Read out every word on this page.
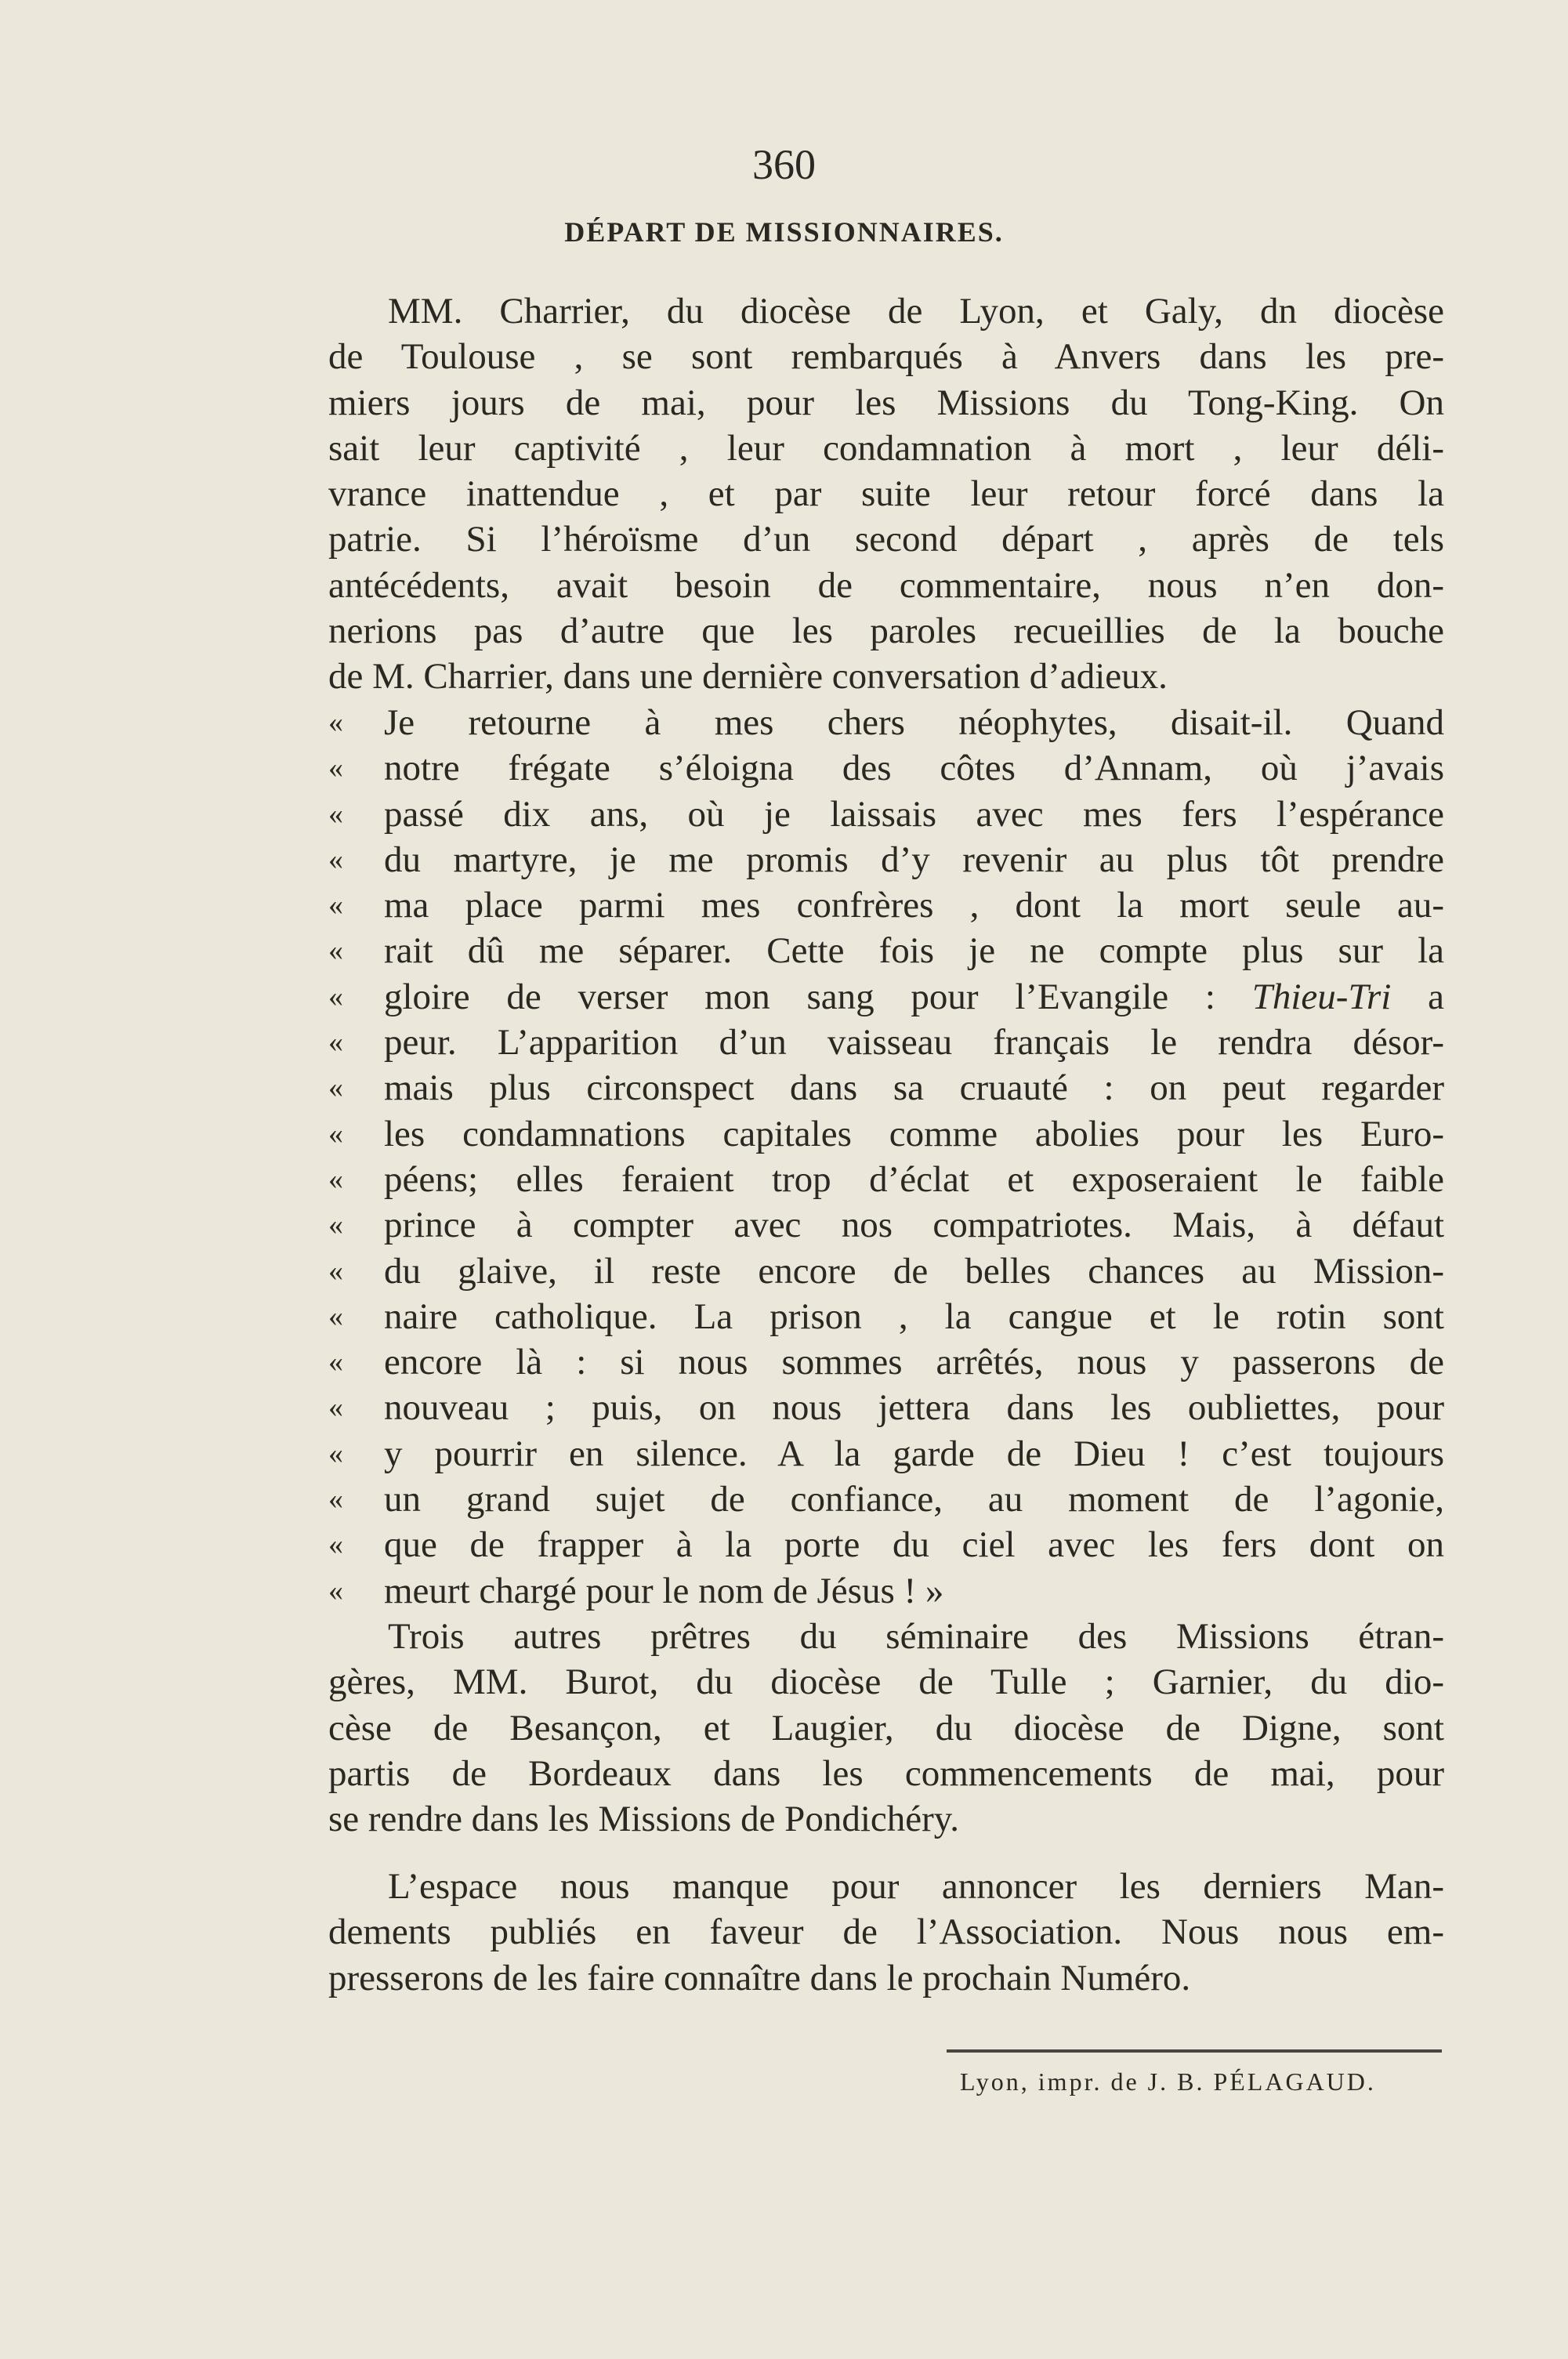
360
DÉPART DE MISSIONNAIRES.
MM. Charrier, du diocèse de Lyon, et Galy, dn diocèse
de Toulouse , se sont rembarqués à Anvers dans les pre-
miers jours de mai, pour les Missions du Tong-King. On
sait leur captivité , leur condamnation à mort , leur déli-
vrance inattendue , et par suite leur retour forcé dans la
patrie. Si l’héroïsme d’un second départ , après de tels
antécédents, avait besoin de commentaire, nous n’en don-
nerions pas d’autre que les paroles recueillies de la bouche
de M. Charrier, dans une dernière conversation d’adieux.
«	Je retourne à mes chers néophytes, disait-il. Quand
«	notre frégate s’éloigna des côtes d’Annam, où j’avais
«	passé dix ans, où je laissais avec mes fers l’espérance
«	du martyre, je me promis d’y revenir au plus tôt prendre
«	ma place parmi mes confrères , dont la mort seule au-
«	rait dû me séparer. Cette fois je ne compte plus sur la
«	gloire de verser mon sang pour l’Evangile : Thieu-Tri a
«	peur. L’apparition d’un vaisseau français le rendra désor-
«	mais plus circonspect dans sa cruauté : on peut regarder
«	les condamnations capitales comme abolies pour les Euro-
«	péens; elles feraient trop d’éclat et exposeraient le faible
«	prince à compter avec nos compatriotes. Mais, à défaut
«	du glaive, il reste encore de belles chances au Mission-
«	naire catholique. La prison , la cangue et le rotin sont
«	encore là : si nous sommes arrêtés, nous y passerons de
«	nouveau ; puis, on nous jettera dans les oubliettes, pour
«	y pourrir en silence. A la garde de Dieu ! c’est toujours
«	un grand sujet de confiance, au moment de l’agonie,
«	que de frapper à la porte du ciel avec les fers dont on
«	meurt chargé pour le nom de Jésus ! »
Trois autres prêtres du séminaire des Missions étran-
gères, MM. Burot, du diocèse de Tulle ; Garnier, du dio-
cèse de Besançon, et Laugier, du diocèse de Digne, sont
partis de Bordeaux dans les commencements de mai, pour
se rendre dans les Missions de Pondichéry.
L’espace nous manque pour annoncer les derniers Man-
dements publiés en faveur de l’Association. Nous nous em-
presserons de les faire connaître dans le prochain Numéro.
Lyon, impr. de J. B. PÉLAGAUD.
